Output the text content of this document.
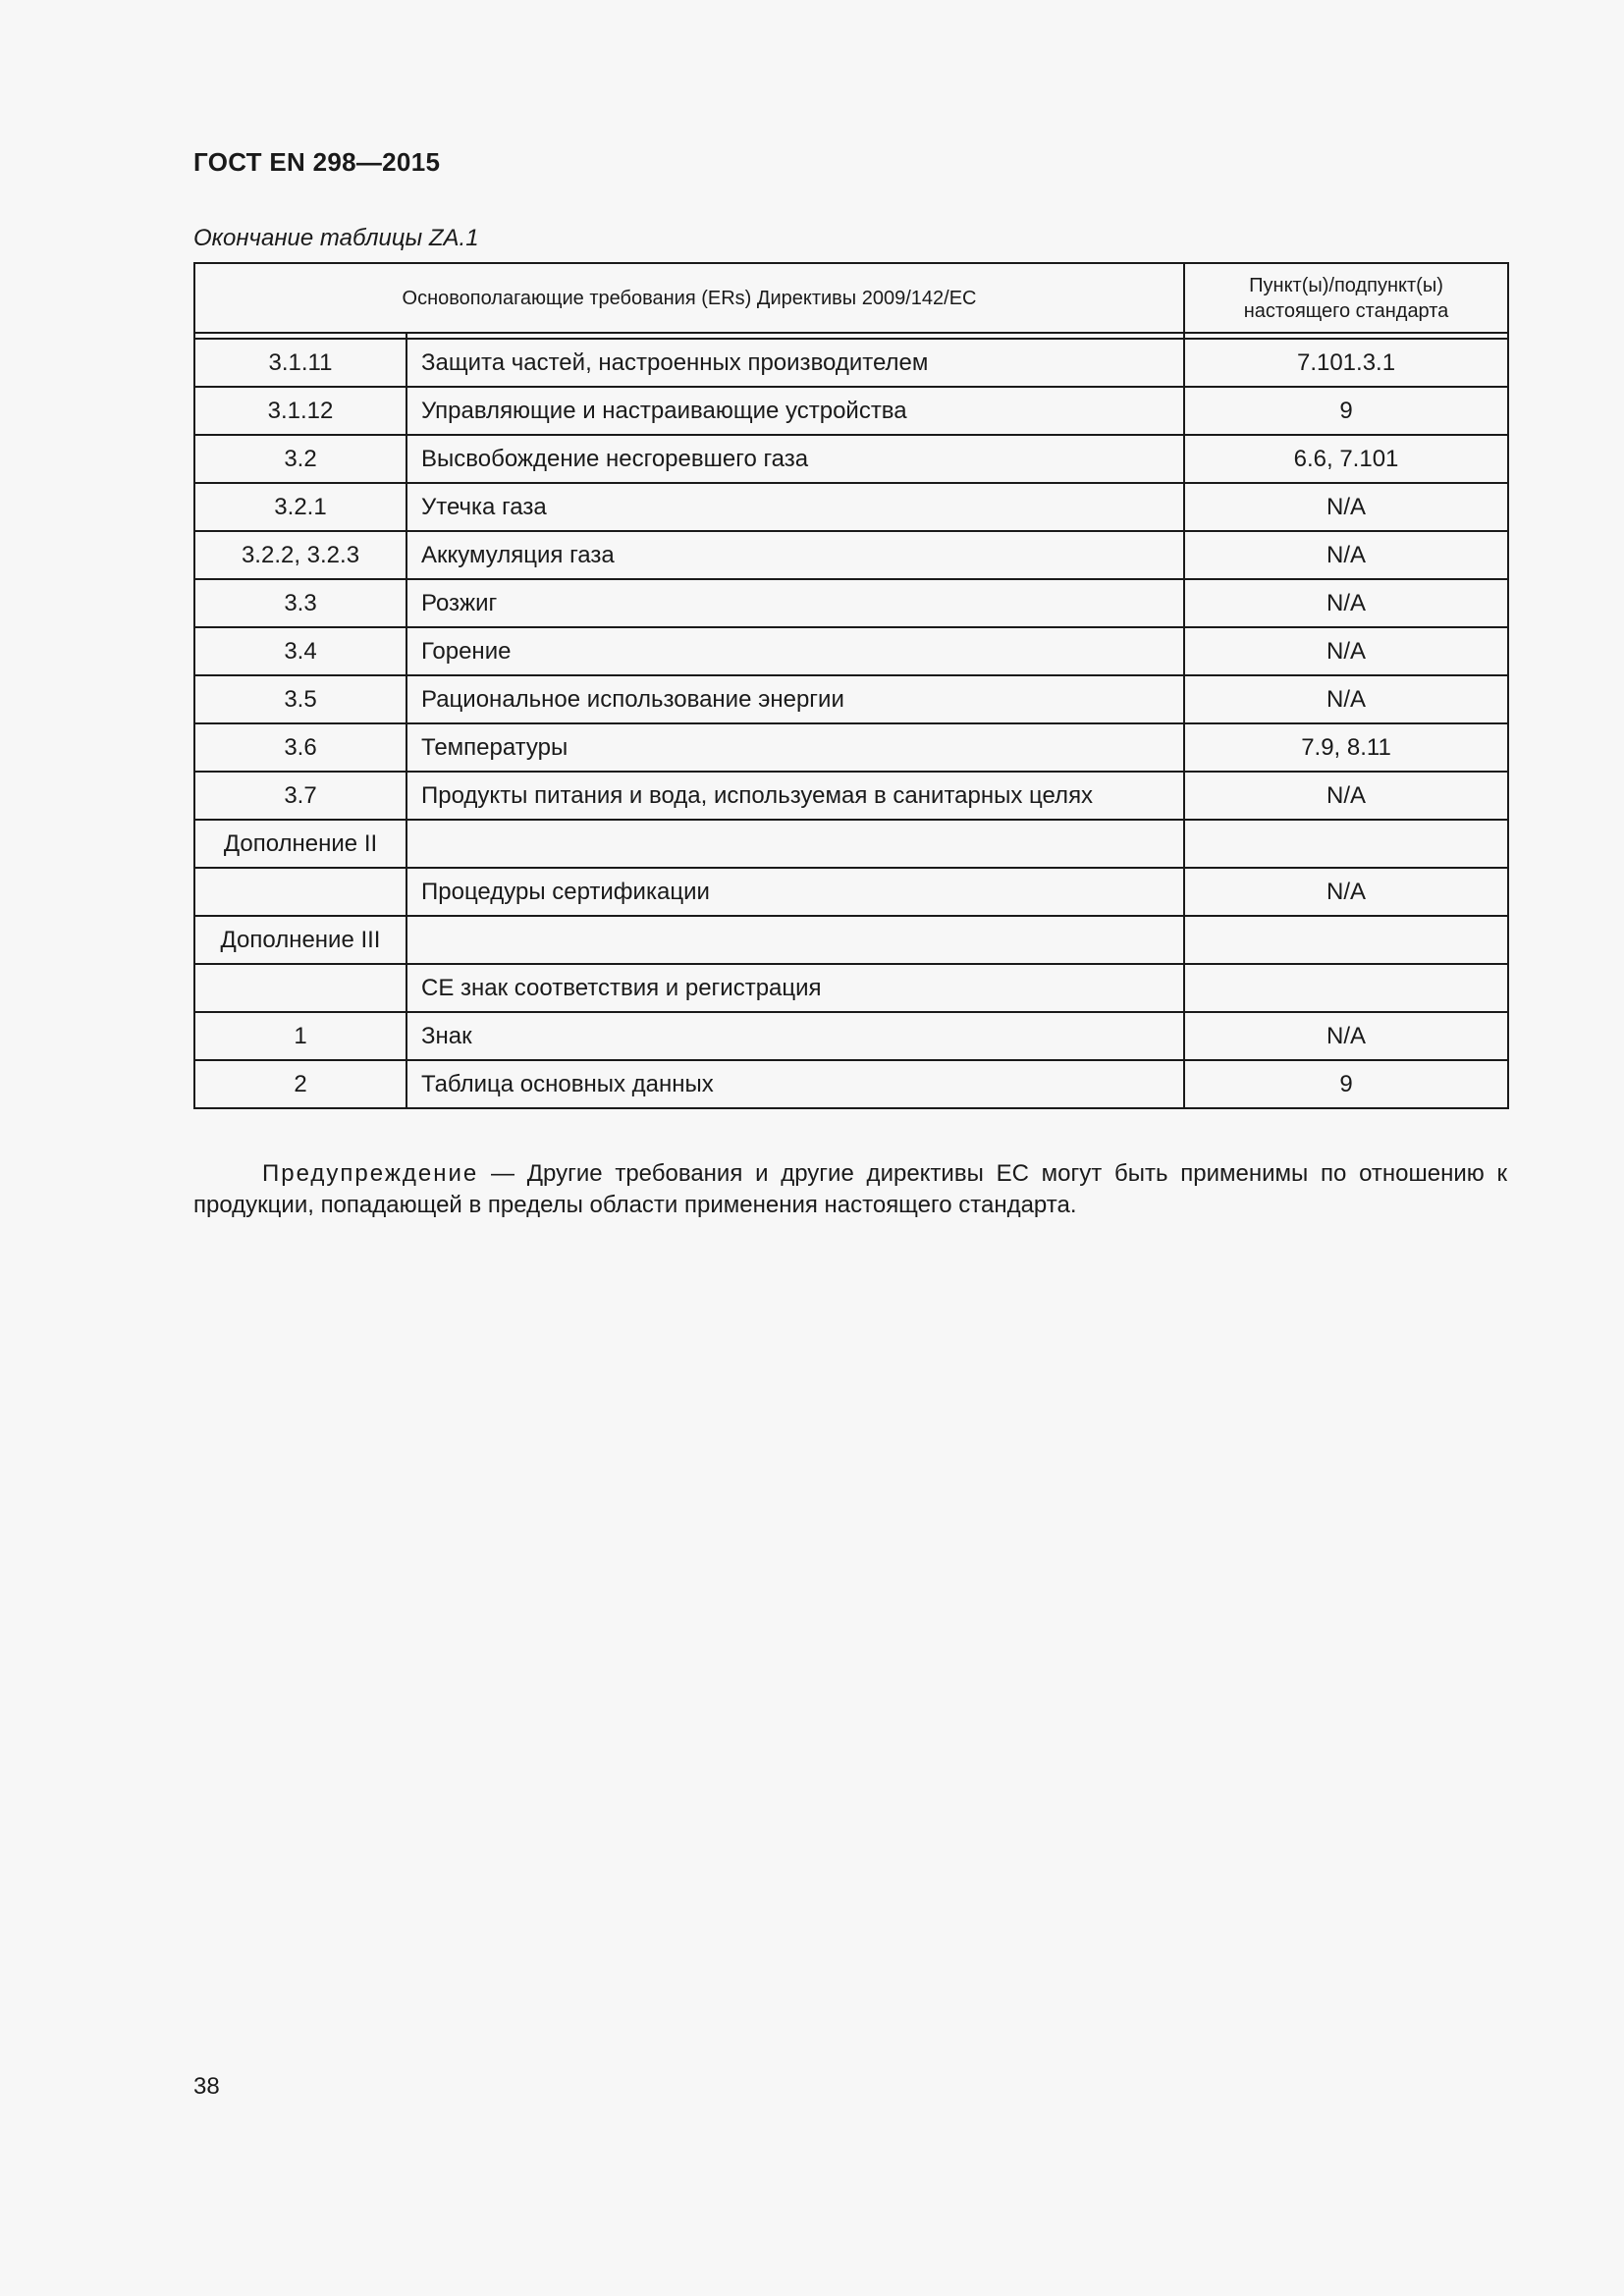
ГОСТ EN 298—2015
Окончание таблицы ZA.1
Основополагающие требования (ERs) Директивы 2009/142/EC		Пункт(ы)/подпункт(ы)
настоящего стандарта

3.1.11	Защита частей, настроенных производителем	7.101.3.1
3.1.12	Управляющие и настраивающие устройства	9
3.2	Высвобождение несгоревшего газа	6.6, 7.101
3.2.1	Утечка газа	N/A
3.2.2, 3.2.3	Аккумуляция газа	N/A
3.3	Розжиг	N/A
3.4	Горение	N/A
3.5	Рациональное использование энергии	N/A
3.6	Температуры	7.9, 8.11
3.7	Продукты питания и вода, используемая в санитарных целях	N/A
Дополнение II		
	Процедуры сертификации	N/A
Дополнение III		
	CE знак соответствия и регистрация	
1	Знак	N/A
2	Таблица основных данных	9
Предупреждение — Другие требования и другие директивы ЕС могут быть применимы по отношению к продукции, попадающей в пределы области применения настоящего стандарта.
38
